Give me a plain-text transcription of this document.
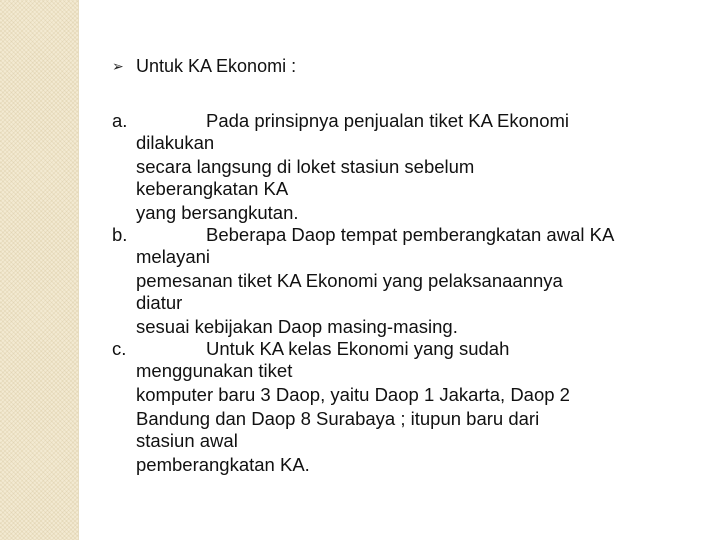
➢ Untuk KA Ekonomi :
a.	Pada prinsipnya penjualan tiket KA Ekonomi
dilakukan
secara langsung di loket stasiun sebelum
keberangkatan KA
yang bersangkutan.
b.	Beberapa Daop tempat pemberangkatan awal KA
melayani
pemesanan tiket KA Ekonomi yang pelaksanaannya
diatur
sesuai kebijakan Daop masing-masing.
c.	Untuk KA kelas Ekonomi yang sudah
menggunakan tiket
komputer baru 3 Daop, yaitu Daop 1 Jakarta, Daop 2
Bandung dan Daop 8 Surabaya ; itupun baru dari
stasiun awal
pemberangkatan KA.
